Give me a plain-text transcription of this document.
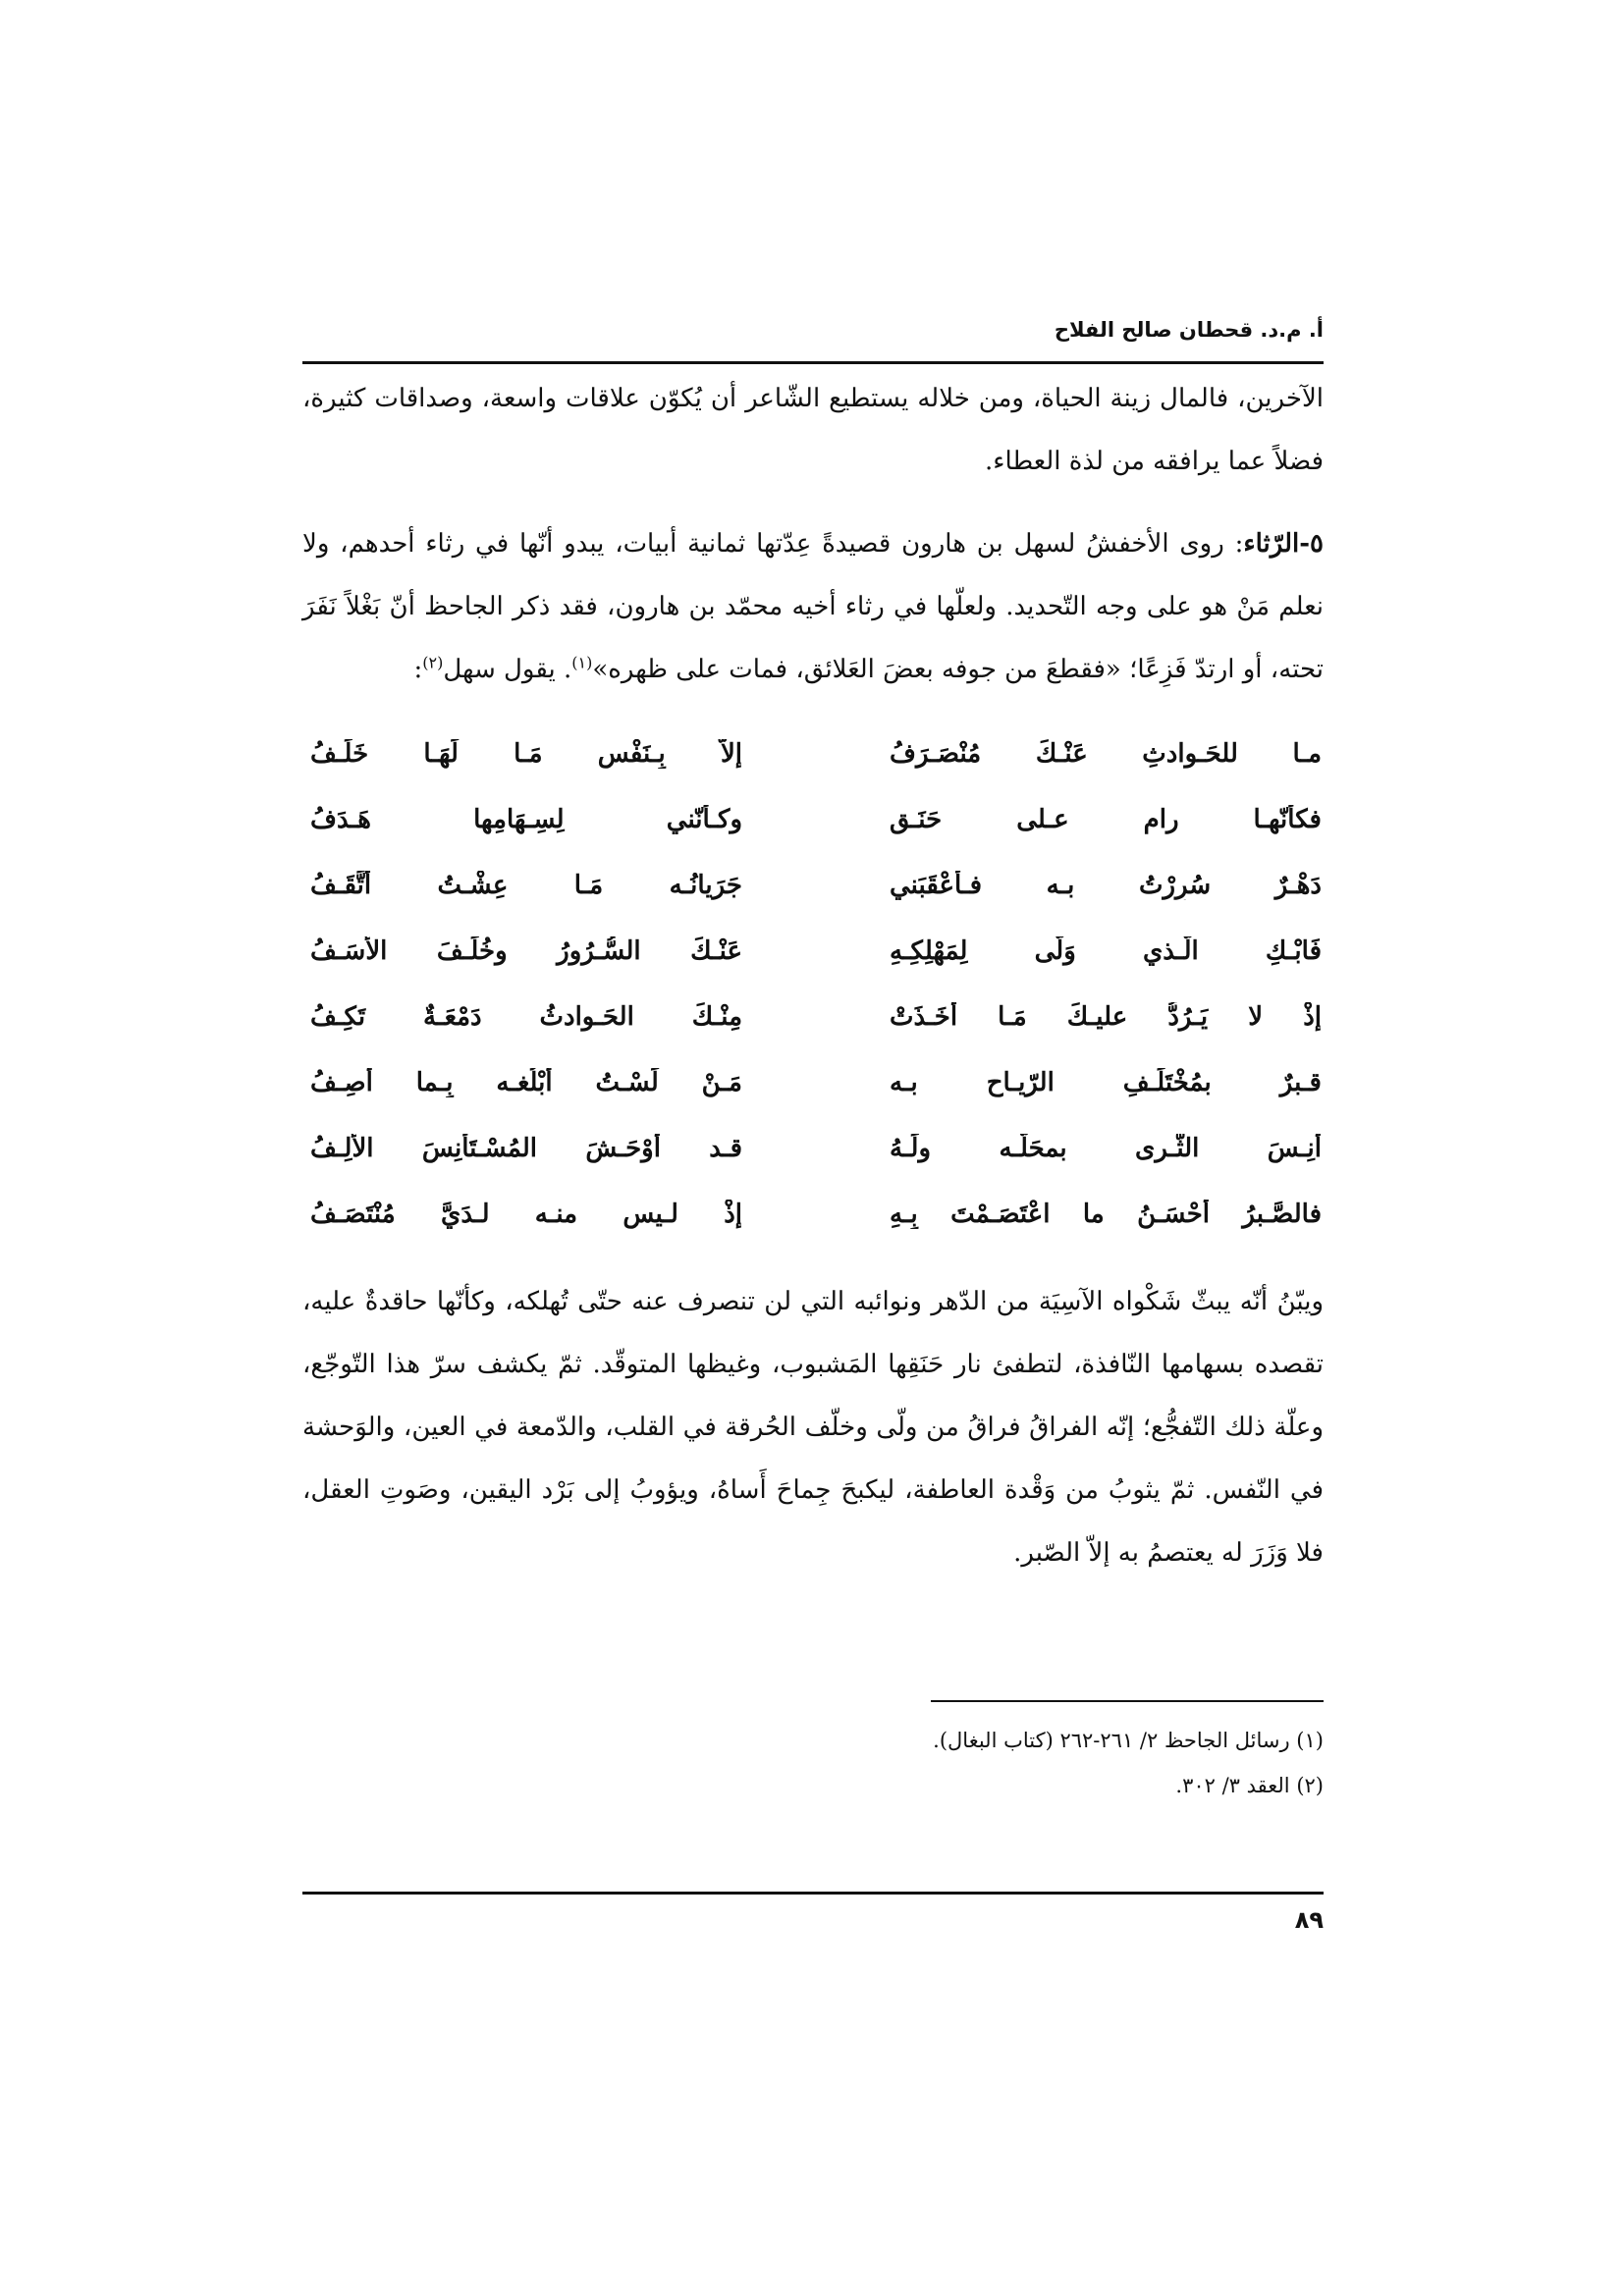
أ. م.د. قحطان صالح الفلاح

الآخرين، فالمال زينة الحياة، ومن خلاله يستطيع الشّاعر أن يُكوّن علاقات واسعة، وصداقات كثيرة، فضلاً عما يرافقه من لذة العطاء.

٥-الرّثاء: روى الأخفشُ لسهل بن هارون قصيدةً عِدّتها ثمانية أبيات، يبدو أنّها في رثاء أحدهم، ولا نعلم مَنْ هو على وجه التّحديد. ولعلّها في رثاء أخيه محمّد بن هارون، فقد ذكر الجاحظ أنّ بَغْلاً نَفَرَ تحته، أو ارتدّ فَزِعًا؛ «فقطعَ من جوفه بعضَ العَلائق، فمات على ظهره»$^{(١)}$. يقول سهل$^{(٢)}$:

مـا للحَـوادثِ عَنْـكَ مُنْصَـرَفُ
إلاّ بِـنَفْسٍ مَـا لَهَـا خَلَـفُ
فكأنّهـا رام عـلى حَنَـقٍ
وكـأنّني لِسِـهَامِها هَـدَفُ
دَهْـرٌ سُرِرْتُ بـه فـأَعْقَبَني
جَرَيانُـه مَـا عِشْـتُ أُتَّقَـفُ
فَابْـكِ الّـذي وَلّى لِمَهْلِكِـهِ
عَنْـكَ السُّـرُورُ وخُلِّـفَ الأَسَـفُ
إذْ لا يَـرُدُّ عليـكَ مَـا أَخَـذَتْ
مِنْـكَ الحَـوادثُ دَمْعَـةٌ تَكِـفُ
قـبرٌ بمُخْتَلَـفِ الرّيـاحِ بـه
مَـنْ لَسْـتُ أَبْلُغـه بِـما أَصِـفُ
أَنِـسَ الثّـرى بمحَلّـه ولَـهُ
قـد أَوْحَـشَ المُسْـتَأْنِسَ الأَلِـفُ
فالصَّـبرُ أَحْسَـنُ ما اعْتَصَـمْتَ بِـهِ
إذْ لـيس منـه لـدَيَّ مُنْتَصَـفُ

ويبّنُ أنّه يبثّ شَكْواه الآسِيَة من الدّهر ونوائبه التي لن تنصرف عنه حتّى تُهلكه، وكأنّها حاقدةٌ عليه، تقصده بسهامها النّافذة، لتطفئ نار حَنَقِها المَشبوب، وغيظها المتوقّد. ثمّ يكشف سرّ هذا التّوجّع، وعلّة ذلك التّفجُّع؛ إنّه الفراقُ فراقُ من ولّى وخلّف الحُرقة في القلب، والدّمعة في العين، والوَحشة في النّفس. ثمّ يثوبُ من وَقْدة العاطفة، ليكبحَ جِماحَ أَساهُ، ويؤوبُ إلى بَرْد اليقين، وصَوتِ العقل، فلا وَزَرَ له يعتصمُ به إلاّ الصّبر.

(١) رسائل الجاحظ ٢/ ٢٦١-٢٦٢ (كتاب البغال).

(٢) العقد ٣/ ٣٠٢.

٨٩
